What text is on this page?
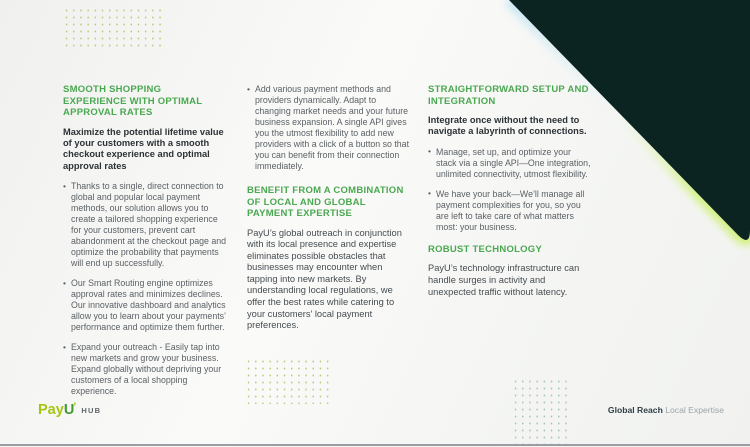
SMOOTH SHOPPING EXPERIENCE WITH OPTIMAL APPROVAL RATES

Maximize the potential lifetime value of your customers with a smooth checkout experience and optimal approval rates

• Thanks to a single, direct connection to global and popular local payment methods, our solution allows you to create a tailored shopping experience for your customers, prevent cart abandonment at the checkout page and optimize the probability that payments will end up successfully.
• Our Smart Routing engine optimizes approval rates and minimizes declines. Our innovative dashboard and analytics allow you to learn about your payments’ performance and optimize them further.
• Expand your outreach - Easily tap into new markets and grow your business. Expand globally without depriving your customers of a local shopping experience.
• Add various payment methods and providers dynamically. Adapt to changing market needs and your future business expansion. A single API gives you the utmost flexibility to add new providers with a click of a button so that you can benefit from their connection immediately.
BENEFIT FROM A COMBINATION OF LOCAL AND GLOBAL PAYMENT EXPERTISE

PayU’s global outreach in conjunction with its local presence and expertise eliminates possible obstacles that businesses may encounter when tapping into new markets. By understanding local regulations, we offer the best rates while catering to your customers’ local payment preferences.

STRAIGHTFORWARD SETUP AND INTEGRATION

Integrate once without the need to navigate a labyrinth of connections.

• Manage, set up, and optimize your stack via a single API—One integration, unlimited connectivity, utmost flexibility.
• We have your back—We’ll manage all payment complexities for you, so you are left to take care of what matters most: your business.
ROBUST TECHNOLOGY

PayU’s technology infrastructure can handle surges in activity and unexpected traffic without latency.

PayU’ HUB	Global Reach Local Expertise
